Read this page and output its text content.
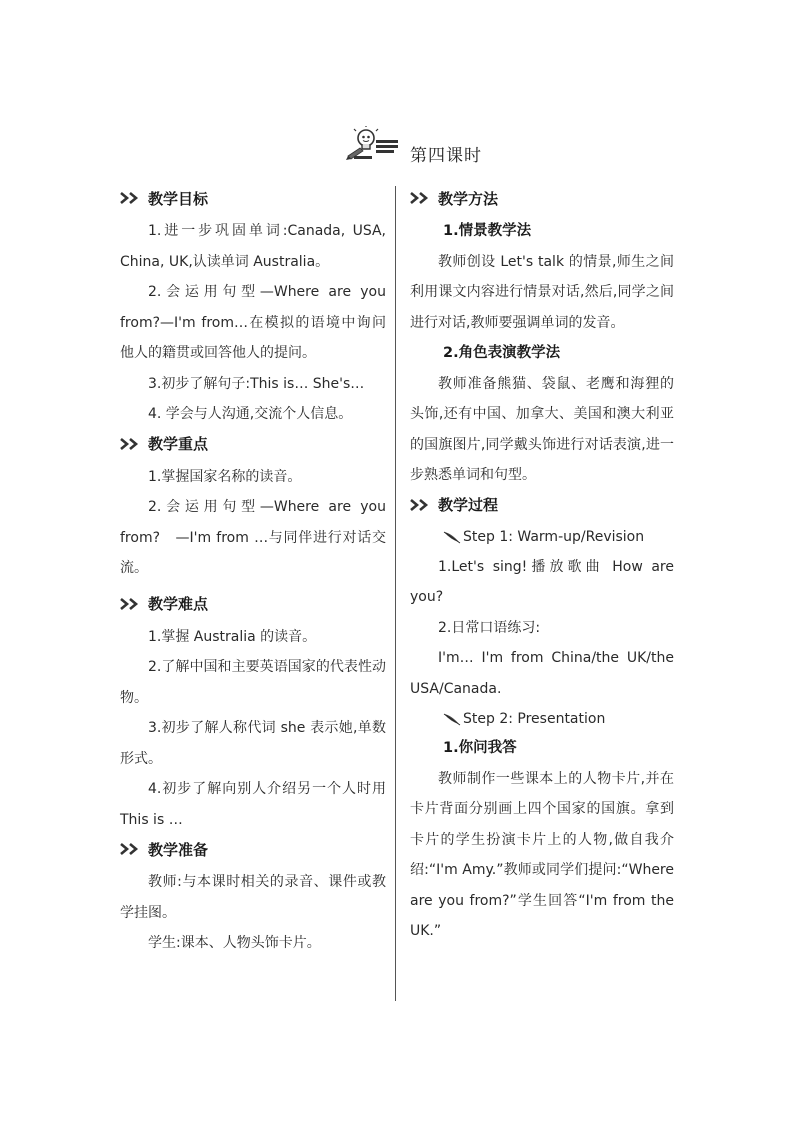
第四课时
教学目标

1.进一步巩固单词:Canada, USA, China, UK,认读单词 Australia。

2.会运用句型—Where are you from?—I'm from…在模拟的语境中询问他人的籍贯或回答他人的提问。

3.初步了解句子:This is… She's…

4. 学会与人沟通,交流个人信息。

教学重点

1.掌握国家名称的读音。

2.会运用句型—Where are you from?　—I'm from …与同伴进行对话交流。

教学难点

1.掌握 Australia 的读音。

2.了解中国和主要英语国家的代表性动物。

3.初步了解人称代词 she 表示她,单数形式。

4.初步了解向别人介绍另一个人时用 This is …

教学准备

教师:与本课时相关的录音、课件或教学挂图。

学生:课本、人物头饰卡片。

教学方法

1.情景教学法

教师创设 Let's talk 的情景,师生之间利用课文内容进行情景对话,然后,同学之间进行对话,教师要强调单词的发音。

2.角色表演教学法

教师准备熊猫、袋鼠、老鹰和海狸的头饰,还有中国、加拿大、美国和澳大利亚的国旗图片,同学戴头饰进行对话表演,进一步熟悉单词和句型。

教学过程
Step 1: Warm-up/Revision

1.Let's sing!播放歌曲 How are you?

2.日常口语练习:

I'm… I'm from China/the UK/the USA/Canada.

Step 2: Presentation

1.你问我答

教师制作一些课本上的人物卡片,并在卡片背面分别画上四个国家的国旗。拿到卡片的学生扮演卡片上的人物,做自我介绍:“I'm Amy.”教师或同学们提问:“Where are you from?”学生回答“I'm from the UK.”
